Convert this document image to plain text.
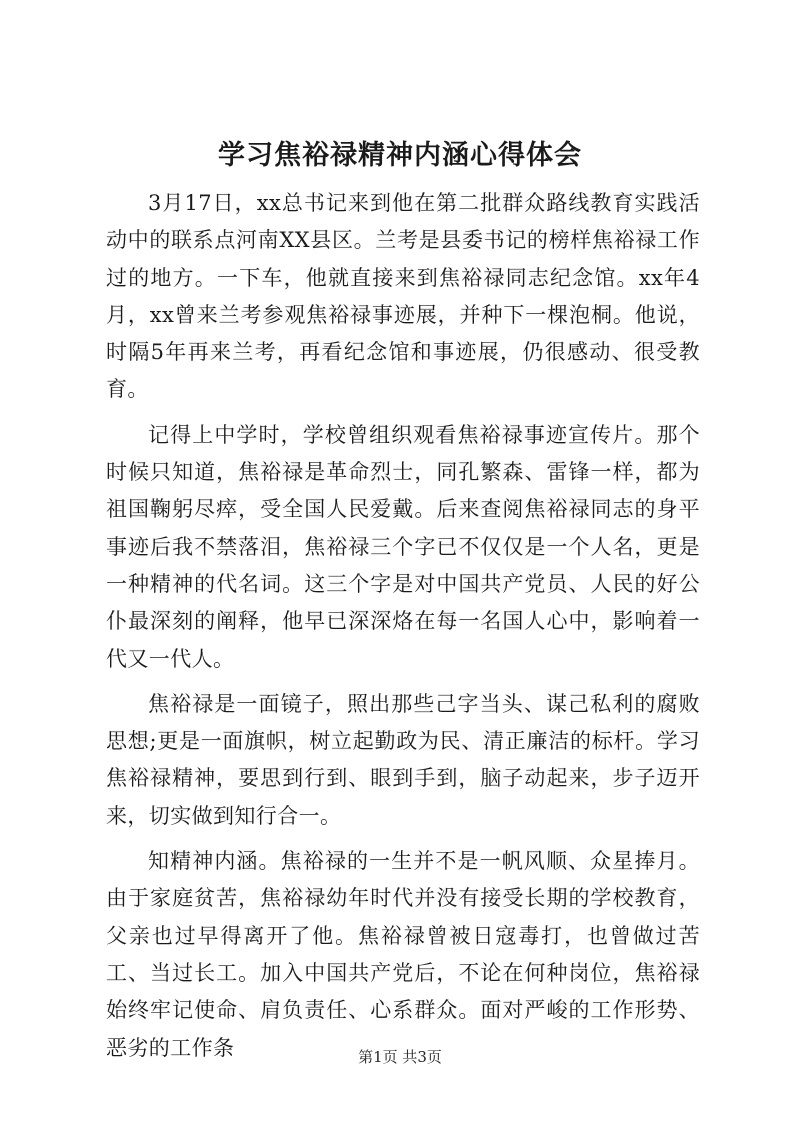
学习焦裕禄精神内涵心得体会

3月17日，xx总书记来到他在第二批群众路线教育实践活动中的联系点河南XX县区。兰考是县委书记的榜样焦裕禄工作过的地方。一下车，他就直接来到焦裕禄同志纪念馆。xx年4月，xx曾来兰考参观焦裕禄事迹展，并种下一棵泡桐。他说，时隔5年再来兰考，再看纪念馆和事迹展，仍很感动、很受教育。

记得上中学时，学校曾组织观看焦裕禄事迹宣传片。那个时候只知道，焦裕禄是革命烈士，同孔繁森、雷锋一样，都为祖国鞠躬尽瘁，受全国人民爱戴。后来查阅焦裕禄同志的身平事迹后我不禁落泪，焦裕禄三个字已不仅仅是一个人名，更是一种精神的代名词。这三个字是对中国共产党员、人民的好公仆最深刻的阐释，他早已深深烙在每一名国人心中，影响着一代又一代人。

焦裕禄是一面镜子，照出那些己字当头、谋己私利的腐败思想;更是一面旗帜，树立起勤政为民、清正廉洁的标杆。学习焦裕禄精神，要思到行到、眼到手到，脑子动起来，步子迈开来，切实做到知行合一。

知精神内涵。焦裕禄的一生并不是一帆风顺、众星捧月。由于家庭贫苦，焦裕禄幼年时代并没有接受长期的学校教育，父亲也过早得离开了他。焦裕禄曾被日寇毒打，也曾做过苦工、当过长工。加入中国共产党后，不论在何种岗位，焦裕禄始终牢记使命、肩负责任、心系群众。面对严峻的工作形势、恶劣的工作条	第1页 共3页
